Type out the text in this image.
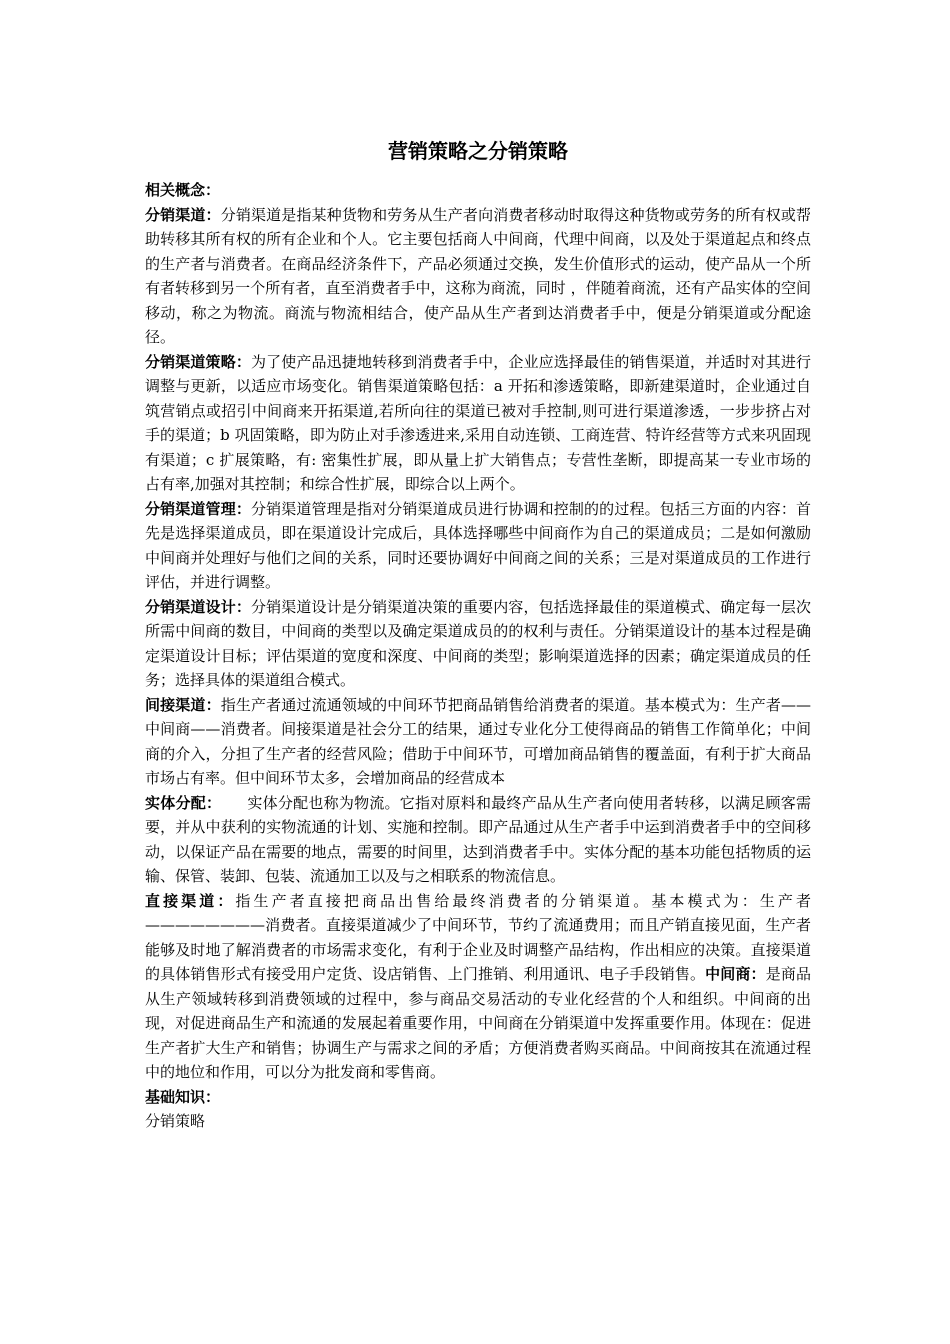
营销策略之分销策略

相关概念：

分销渠道：分销渠道是指某种货物和劳务从生产者向消费者移动时取得这种货物或劳务的所有权或帮助转移其所有权的所有企业和个人。它主要包括商人中间商，代理中间商，以及处于渠道起点和终点的生产者与消费者。在商品经济条件下，产品必须通过交换，发生价值形式的运动，使产品从一个所有者转移到另一个所有者，直至消费者手中，这称为商流，同时 ，伴随着商流，还有产品实体的空间移动，称之为物流。商流与物流相结合，使产品从生产者到达消费者手中，便是分销渠道或分配途径。

分销渠道策略：为了使产品迅捷地转移到消费者手中，企业应选择最佳的销售渠道，并适时对其进行调整与更新，以适应市场变化。销售渠道策略包括：a 开拓和渗透策略，即新建渠道时，企业通过自筑营销点或招引中间商来开拓渠道,若所向往的渠道已被对手控制,则可进行渠道渗透，一步步挤占对手的渠道；b 巩固策略，即为防止对手渗透进来,采用自动连锁、工商连营、特许经营等方式来巩固现有渠道；c 扩展策略，有: 密集性扩展，即从量上扩大销售点；专营性垄断，即提高某一专业市场的占有率,加强对其控制；和综合性扩展，即综合以上两个。

分销渠道管理：分销渠道管理是指对分销渠道成员进行协调和控制的的过程。包括三方面的内容：首先是选择渠道成员，即在渠道设计完成后，具体选择哪些中间商作为自己的渠道成员；二是如何激励中间商并处理好与他们之间的关系，同时还要协调好中间商之间的关系；三是对渠道成员的工作进行评估，并进行调整。

分销渠道设计：分销渠道设计是分销渠道决策的重要内容，包括选择最佳的渠道模式、确定每一层次所需中间商的数目，中间商的类型以及确定渠道成员的的权利与责任。分销渠道设计的基本过程是确定渠道设计目标；评估渠道的宽度和深度、中间商的类型；影响渠道选择的因素；确定渠道成员的任务；选择具体的渠道组合模式。

间接渠道：指生产者通过流通领域的中间环节把商品销售给消费者的渠道。基本模式为：生产者——中间商——消费者。间接渠道是社会分工的结果，通过专业化分工使得商品的销售工作简单化；中间商的介入，分担了生产者的经营风险；借助于中间环节，可增加商品销售的覆盖面，有利于扩大商品市场占有率。但中间环节太多，会增加商品的经营成本

实体分配： 实体分配也称为物流。它指对原料和最终产品从生产者向使用者转移，以满足顾客需要，并从中获利的实物流通的计划、实施和控制。即产品通过从生产者手中运到消费者手中的空间移动，以保证产品在需要的地点，需要的时间里，达到消费者手中。实体分配的基本功能包括物质的运输、保管、装卸、包装、流通加工以及与之相联系的物流信息。

直接渠道：指生产者直接把商品出售给最终消费者的分销渠道。基本模式为：生产者————————消费者。直接渠道减少了中间环节，节约了流通费用；而且产销直接见面，生产者能够及时地了解消费者的市场需求变化，有利于企业及时调整产品结构，作出相应的决策。直接渠道的具体销售形式有接受用户定货、设店销售、上门推销、利用通讯、电子手段销售。中间商：是商品从生产领域转移到消费领域的过程中，参与商品交易活动的专业化经营的个人和组织。中间商的出现，对促进商品生产和流通的发展起着重要作用，中间商在分销渠道中发挥重要作用。体现在：促进生产者扩大生产和销售；协调生产与需求之间的矛盾；方便消费者购买商品。中间商按其在流通过程中的地位和作用，可以分为批发商和零售商。

基础知识：

分销策略
